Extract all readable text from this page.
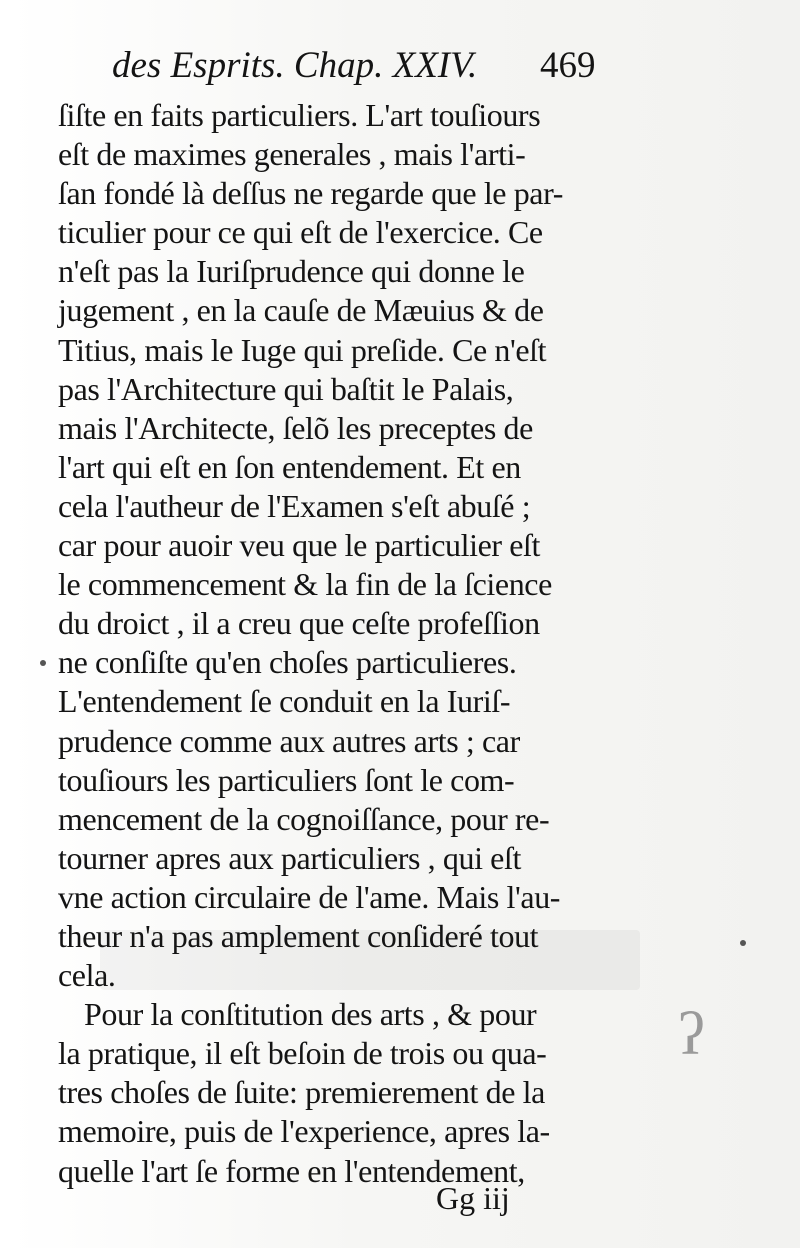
ʔ
des Esprits. Chap. XXIV. 469
ſiſte en faits particuliers. L'art touſiours
eſt de maximes generales , mais l'arti-
ſan fondé là deſſus ne regarde que le par-
ticulier pour ce qui eſt de l'exercice. Ce
n'eſt pas la Iuriſprudence qui donne le
jugement , en la cauſe de Mæuius & de
Titius, mais le Iuge qui preſide. Ce n'eſt
pas l'Architecture qui baſtit le Palais,
mais l'Architecte, ſelõ les preceptes de
l'art qui eſt en ſon entendement. Et en
cela l'autheur de l'Examen s'eſt abuſé ;
car pour auoir veu que le particulier eſt
le commencement & la fin de la ſcience
du droict , il a creu que ceſte profeſſion
ne conſiſte qu'en choſes particulieres.
L'entendement ſe conduit en la Iuriſ-
prudence comme aux autres arts ; car
touſiours les particuliers ſont le com-
mencement de la cognoiſſance, pour re-
tourner apres aux particuliers , qui eſt
vne action circulaire de l'ame. Mais l'au-
theur n'a pas amplement conſideré tout
cela.
Pour la conſtitution des arts , & pour
la pratique, il eſt beſoin de trois ou qua-
tres choſes de ſuite: premierement de la
memoire, puis de l'experience, apres la-
quelle l'art ſe forme en l'entendement,
Gg iij
